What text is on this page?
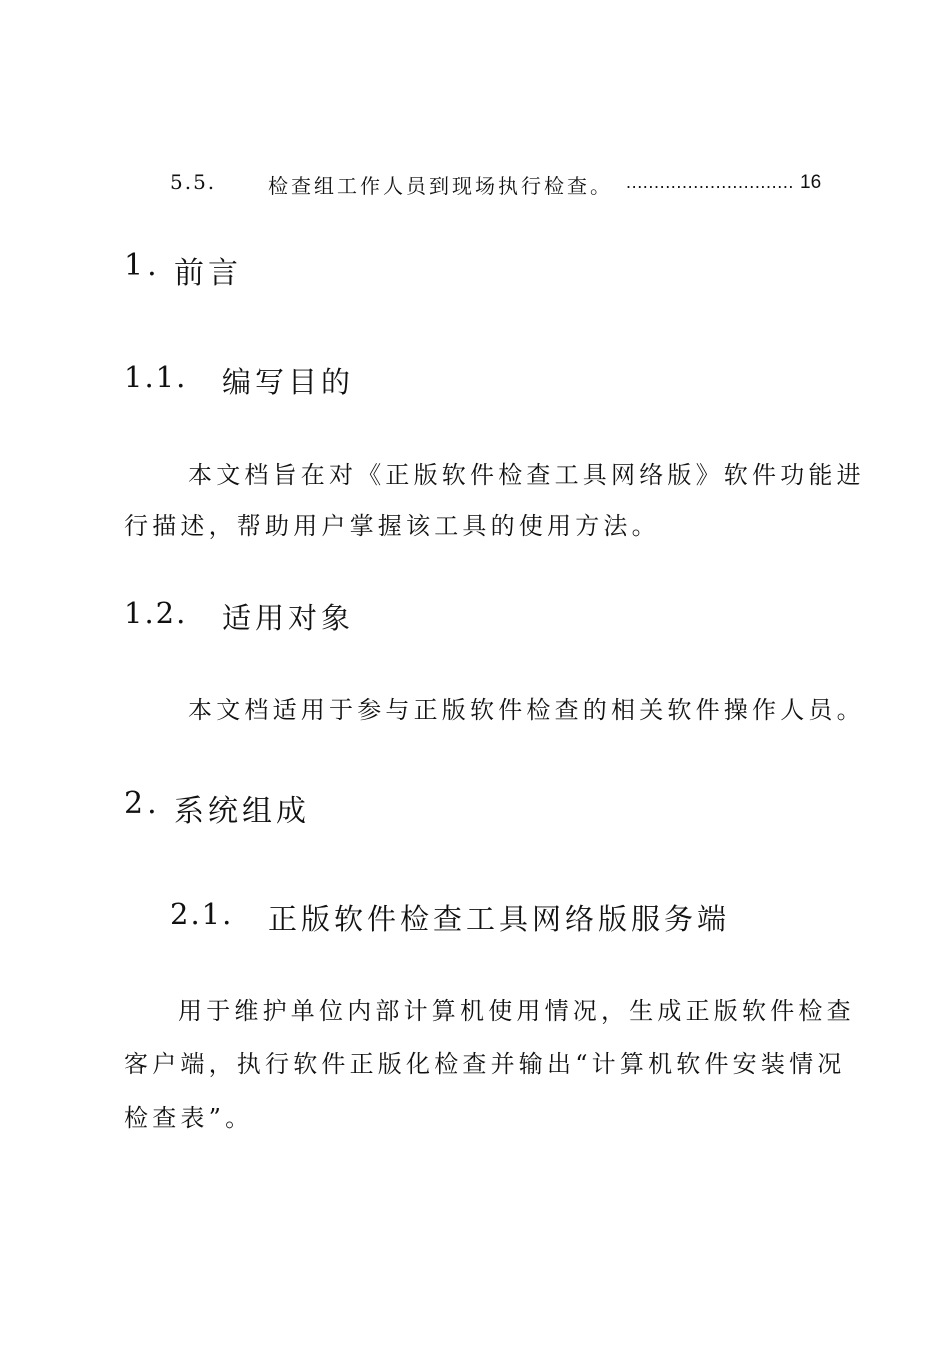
5.5.	检查组工作人员到现场执行检查。 .............................. 16
1. 前言
1.1. 编写目的
本文档旨在对《正版软件检查工具网络版》软件功能进
行描述，帮助用户掌握该工具的使用方法。
1.2. 适用对象
本文档适用于参与正版软件检查的相关软件操作人员。
2. 系统组成
2.1. 正版软件检查工具网络版服务端
用于维护单位内部计算机使用情况，生成正版软件检查
客户端，执行软件正版化检查并输出“计算机软件安装情况
检查表”。
